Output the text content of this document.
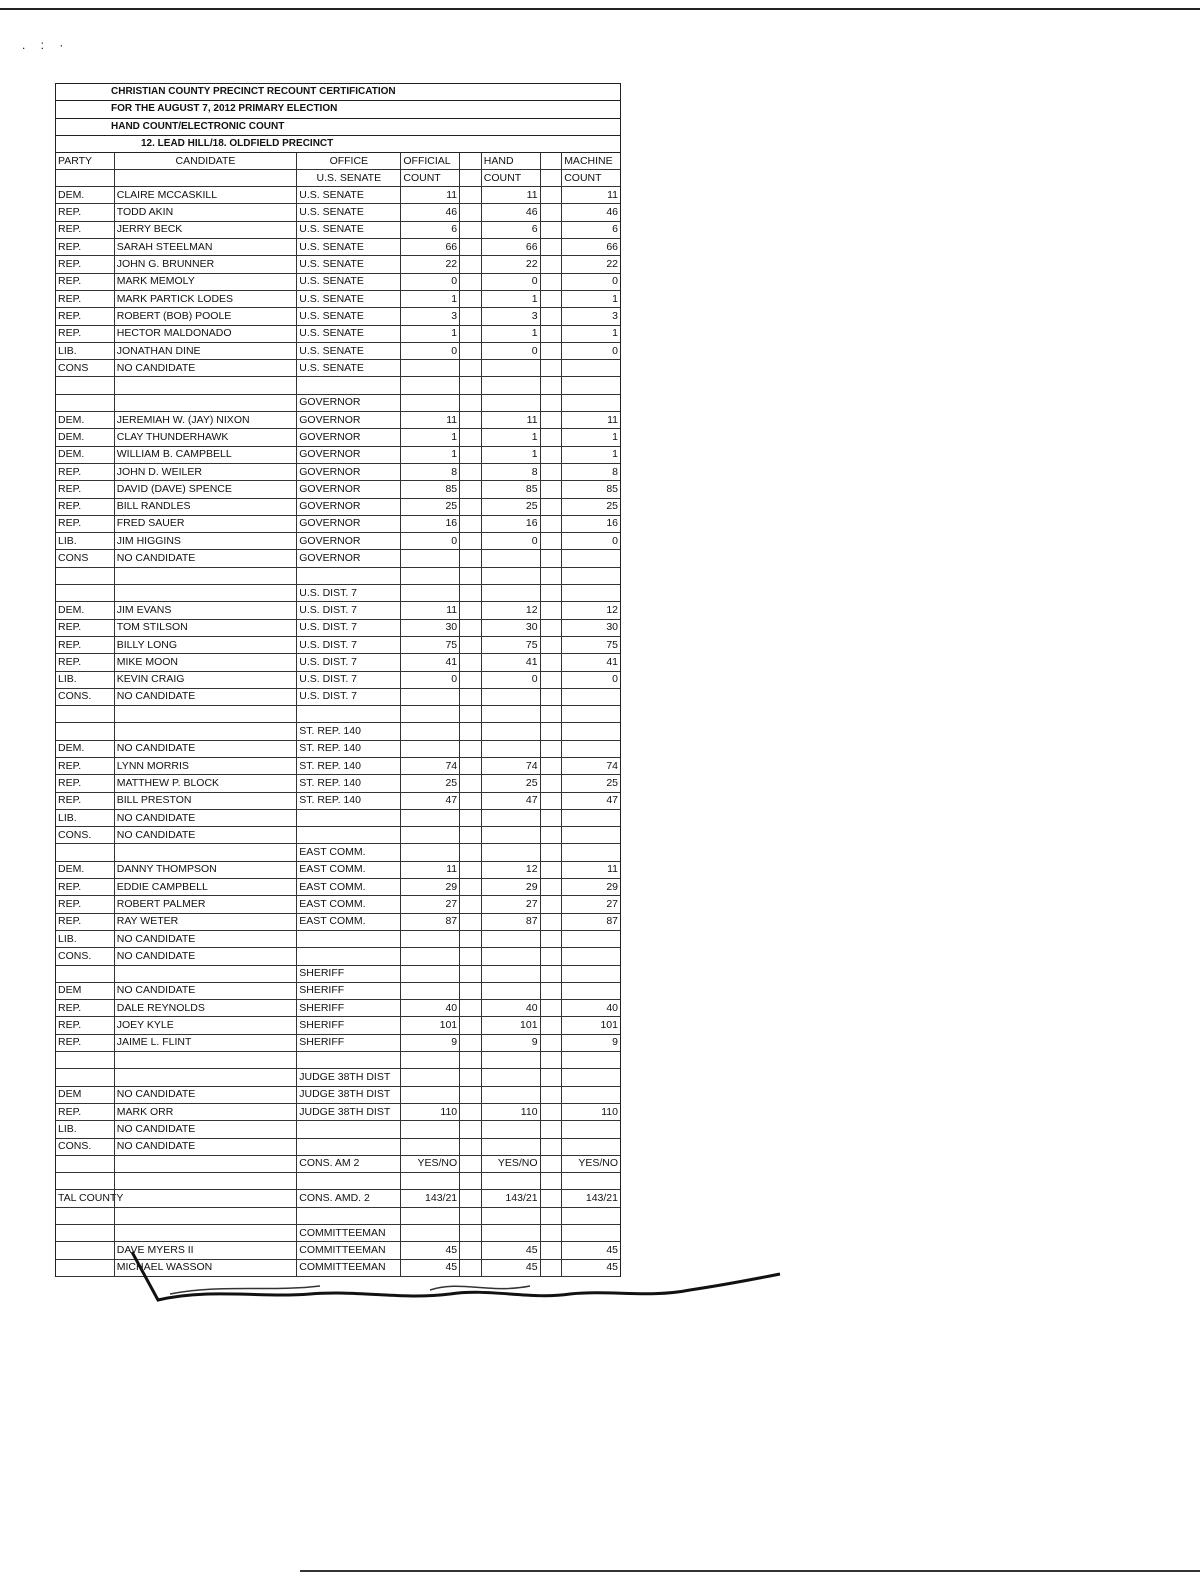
. : ·
CHRISTIAN COUNTY PRECINCT RECOUNT CERTIFICATION
FOR THE AUGUST 7, 2012 PRIMARY ELECTION
HAND COUNT/ELECTRONIC COUNT
12. LEAD HILL/18. OLDFIELD PRECINCT
PARTY	CANDIDATE	OFFICE	OFFICIAL		HAND		MACHINE
		U.S. SENATE	COUNT		COUNT		COUNT
DEM.	CLAIRE MCCASKILL	U.S. SENATE	11		11		11
REP.	TODD AKIN	U.S. SENATE	46		46		46
REP.	JERRY BECK	U.S. SENATE	6		6		6
REP.	SARAH STEELMAN	U.S. SENATE	66		66		66
REP.	JOHN G. BRUNNER	U.S. SENATE	22		22		22
REP.	MARK MEMOLY	U.S. SENATE	0		0		0
REP.	MARK PARTICK LODES	U.S. SENATE	1		1		1
REP.	ROBERT (BOB) POOLE	U.S. SENATE	3		3		3
REP.	HECTOR MALDONADO	U.S. SENATE	1		1		1
LIB.	JONATHAN DINE	U.S. SENATE	0		0		0
CONS	NO CANDIDATE	U.S. SENATE					

		GOVERNOR					
DEM.	JEREMIAH W. (JAY) NIXON	GOVERNOR	11		11		11
DEM.	CLAY THUNDERHAWK	GOVERNOR	1		1		1
DEM.	WILLIAM B. CAMPBELL	GOVERNOR	1		1		1
REP.	JOHN D. WEILER	GOVERNOR	8		8		8
REP.	DAVID (DAVE) SPENCE	GOVERNOR	85		85		85
REP.	BILL RANDLES	GOVERNOR	25		25		25
REP.	FRED SAUER	GOVERNOR	16		16		16
LIB.	JIM HIGGINS	GOVERNOR	0		0		0
CONS	NO CANDIDATE	GOVERNOR					

		U.S. DIST. 7					
DEM.	JIM EVANS	U.S. DIST. 7	11		12		12
REP.	TOM STILSON	U.S. DIST. 7	30		30		30
REP.	BILLY LONG	U.S. DIST. 7	75		75		75
REP.	MIKE MOON	U.S. DIST. 7	41		41		41
LIB.	KEVIN CRAIG	U.S. DIST. 7	0		0		0
CONS.	NO CANDIDATE	U.S. DIST. 7					

		ST. REP. 140					
DEM.	NO CANDIDATE	ST. REP. 140					
REP.	LYNN MORRIS	ST. REP. 140	74		74		74
REP.	MATTHEW P. BLOCK	ST. REP. 140	25		25		25
REP.	BILL PRESTON	ST. REP. 140	47		47		47
LIB.	NO CANDIDATE						
CONS.	NO CANDIDATE						
		EAST COMM.					
DEM.	DANNY THOMPSON	EAST COMM.	11		12		11
REP.	EDDIE CAMPBELL	EAST COMM.	29		29		29
REP.	ROBERT PALMER	EAST COMM.	27		27		27
REP.	RAY WETER	EAST COMM.	87		87		87
LIB.	NO CANDIDATE						
CONS.	NO CANDIDATE						
		SHERIFF					
DEM	NO CANDIDATE	SHERIFF					
REP.	DALE REYNOLDS	SHERIFF	40		40		40
REP.	JOEY KYLE	SHERIFF	101		101		101
REP.	JAIME L. FLINT	SHERIFF	9		9		9

		JUDGE 38TH DIST					
DEM	NO CANDIDATE	JUDGE 38TH DIST					
REP.	MARK ORR	JUDGE 38TH DIST	110		110		110
LIB.	NO CANDIDATE						
CONS.	NO CANDIDATE						
		CONS. AM 2	YES/NO		YES/NO		YES/NO

TAL COUNTY		CONS. AMD. 2	143/21		143/21		143/21

		COMMITTEEMAN					
	DAVE MYERS II	COMMITTEEMAN	45		45		45
	MICHAEL WASSON	COMMITTEEMAN	45		45		45
